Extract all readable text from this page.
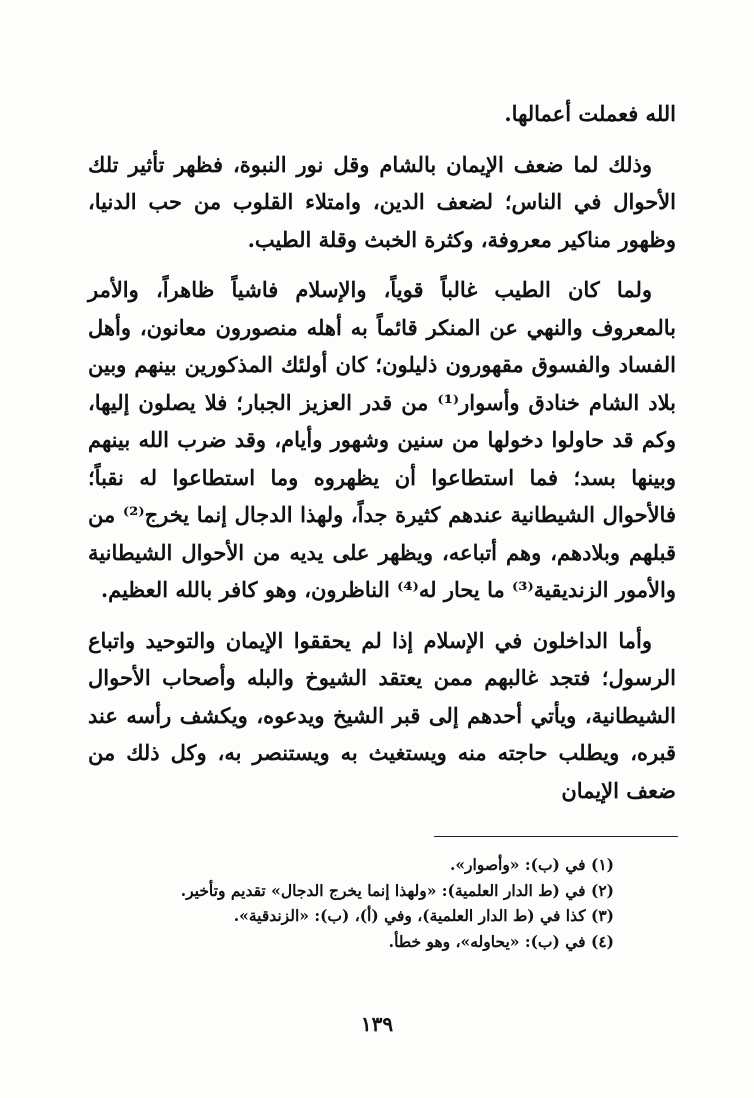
الله فعملت أعمالها.

وذلك لما ضعف الإيمان بالشام وقل نور النبوة، فظهر تأثير تلك الأحوال في الناس؛ لضعف الدين، وامتلاء القلوب من حب الدنيا، وظهور مناكير معروفة، وكثرة الخبث وقلة الطيب.

ولما كان الطيب غالباً قوياً، والإسلام فاشياً ظاهراً، والأمر بالمعروف والنهي عن المنكر قائماً به أهله منصورون معانون، وأهل الفساد والفسوق مقهورون ذليلون؛ كان أولئك المذكورين بينهم وبين بلاد الشام خنادق وأسوار⁽¹⁾ من قدر العزيز الجبار؛ فلا يصلون إليها، وكم قد حاولوا دخولها من سنين وشهور وأيام، وقد ضرب الله بينهم وبينها بسد؛ فما استطاعوا أن يظهروه وما استطاعوا له نقباً؛ فالأحوال الشيطانية عندهم كثيرة جداً، ولهذا الدجال إنما يخرج⁽²⁾ من قبلهم وبلادهم، وهم أتباعه، ويظهر على يديه من الأحوال الشيطانية والأمور الزنديقية⁽³⁾ ما يحار له⁽⁴⁾ الناظرون، وهو كافر بالله العظيم.

وأما الداخلون في الإسلام إذا لم يحققوا الإيمان والتوحيد واتباع الرسول؛ فتجد غالبهم ممن يعتقد الشيوخ والبله وأصحاب الأحوال الشيطانية، ويأتي أحدهم إلى قبر الشيخ ويدعوه، ويكشف رأسه عند قبره، ويطلب حاجته منه ويستغيث به ويستنصر به، وكل ذلك من ضعف الإيمان

(١) في (ب): «وأصوار».
(٢) في (ط الدار العلمية): «ولهذا إنما يخرج الدجال» تقديم وتأخير.
(٣) كذا في (ط الدار العلمية)، وفي (أ)، (ب): «الزندقية».
(٤) في (ب): «يحاوله»، وهو خطأ.
١٣٩
